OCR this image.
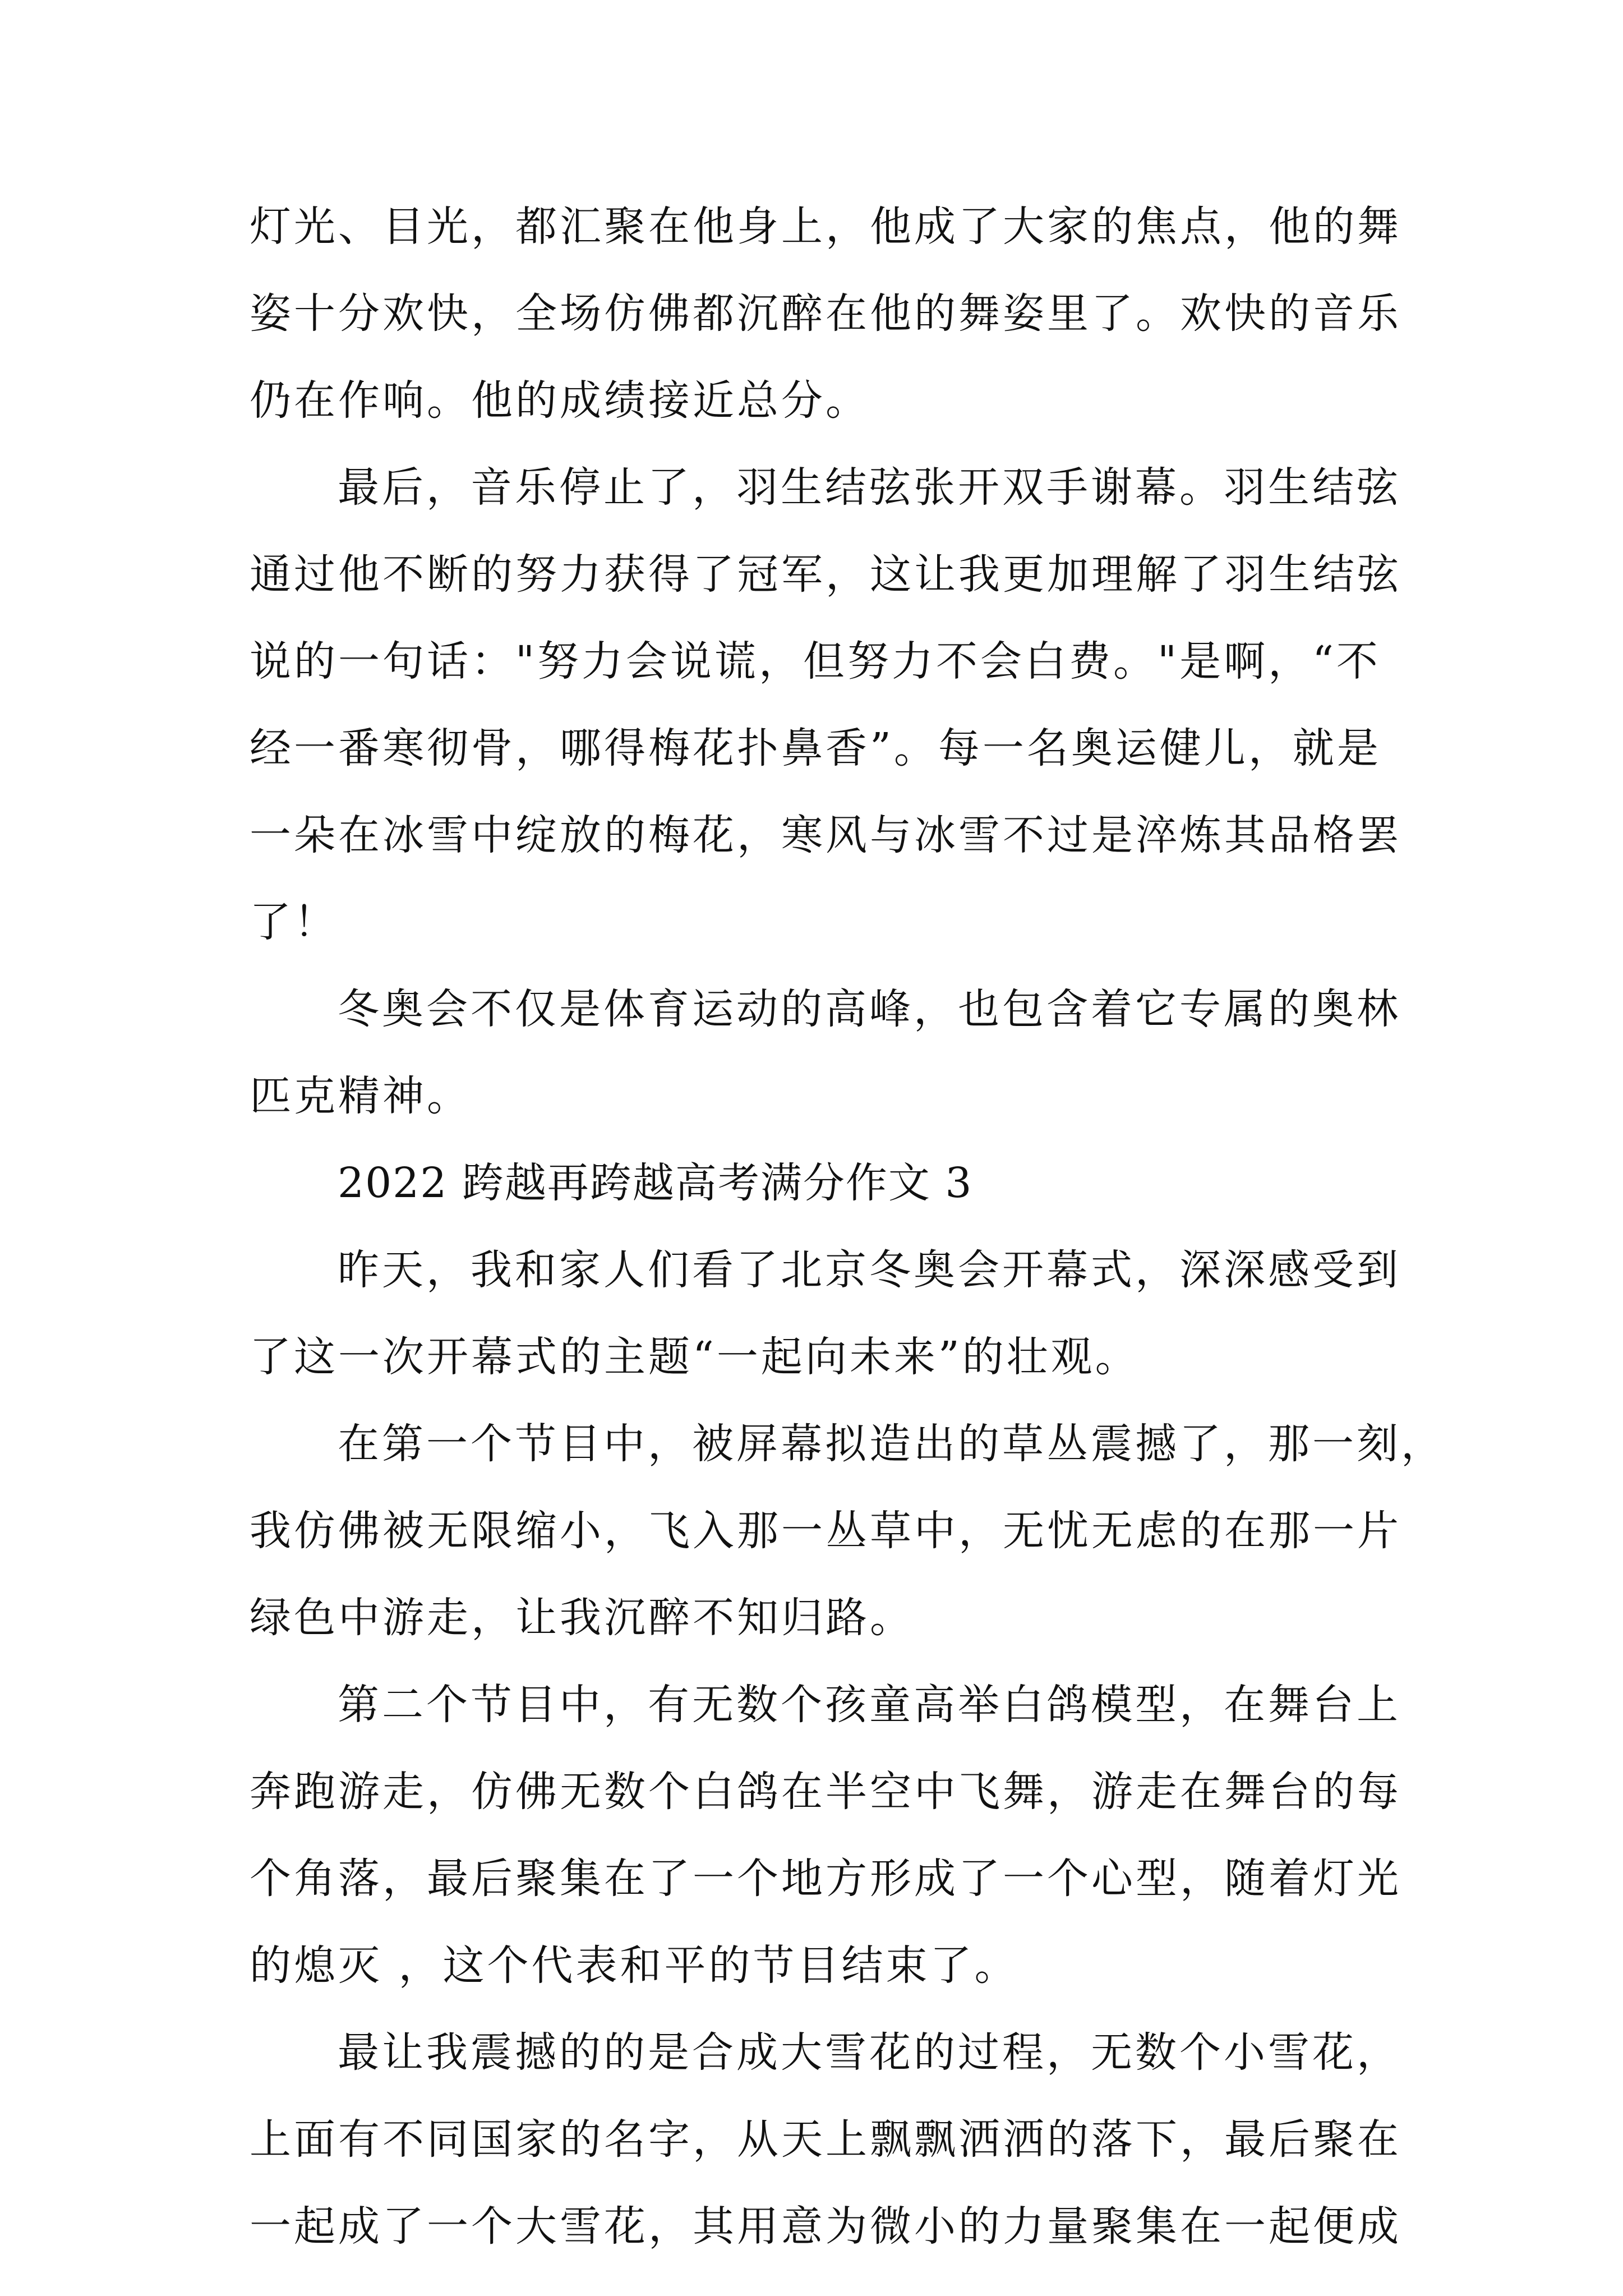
灯光、目光，都汇聚在他身上，他成了大家的焦点，他的舞
姿十分欢快，全场仿佛都沉醉在他的舞姿里了。欢快的音乐
仍在作响。他的成绩接近总分。
最后，音乐停止了，羽生结弦张开双手谢幕。羽生结弦
通过他不断的努力获得了冠军，这让我更加理解了羽生结弦
说的一句话："努力会说谎，但努力不会白费。"是啊，“不
经一番寒彻骨，哪得梅花扑鼻香”。每一名奥运健儿，就是
一朵在冰雪中绽放的梅花，寒风与冰雪不过是淬炼其品格罢
了！
冬奥会不仅是体育运动的高峰，也包含着它专属的奥林
匹克精神。
2022 跨越再跨越高考满分作文 3
昨天，我和家人们看了北京冬奥会开幕式，深深感受到
了这一次开幕式的主题“一起向未来”的壮观。
在第一个节目中，被屏幕拟造出的草丛震撼了，那一刻，
我仿佛被无限缩小，飞入那一丛草中，无忧无虑的在那一片
绿色中游走，让我沉醉不知归路。
第二个节目中，有无数个孩童高举白鸽模型，在舞台上
奔跑游走，仿佛无数个白鸽在半空中飞舞，游走在舞台的每
个角落，最后聚集在了一个地方形成了一个心型，随着灯光
的熄灭 ，这个代表和平的节目结束了。
最让我震撼的的是合成大雪花的过程，无数个小雪花，
上面有不同国家的名字，从天上飘飘洒洒的落下，最后聚在
一起成了一个大雪花，其用意为微小的力量聚集在一起便成
